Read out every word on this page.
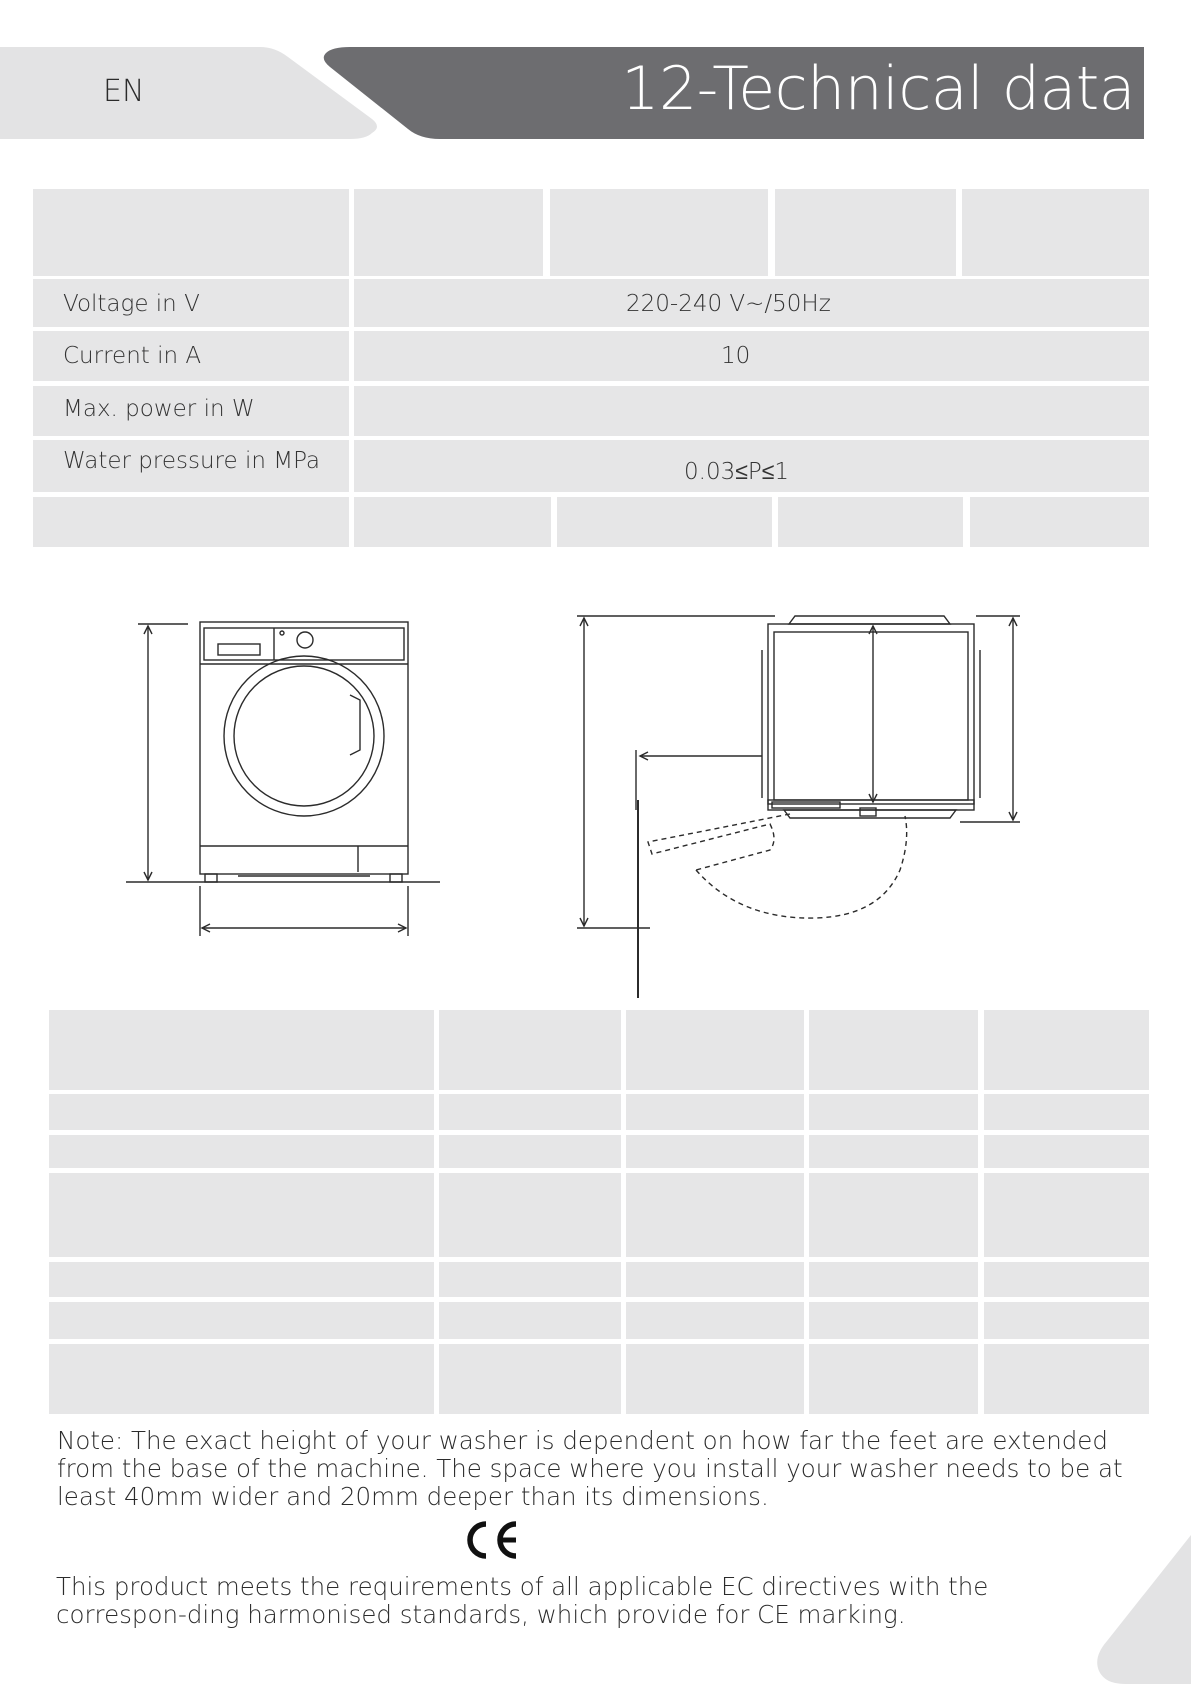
EN	12-Technical data
Voltage in V	220-240 V~/50Hz
Current in A	10
Max. power in W
Water pressure in MPa	0.03≤P≤1
Note: The exact height of your washer is dependent on how far the feet are extended from the base of the machine. The space where you install your washer needs to be at least 40mm wider and 20mm deeper than its dimensions.
This product meets the requirements of all applicable EC directives with the correspon-ding harmonised standards, which provide for CE marking.
